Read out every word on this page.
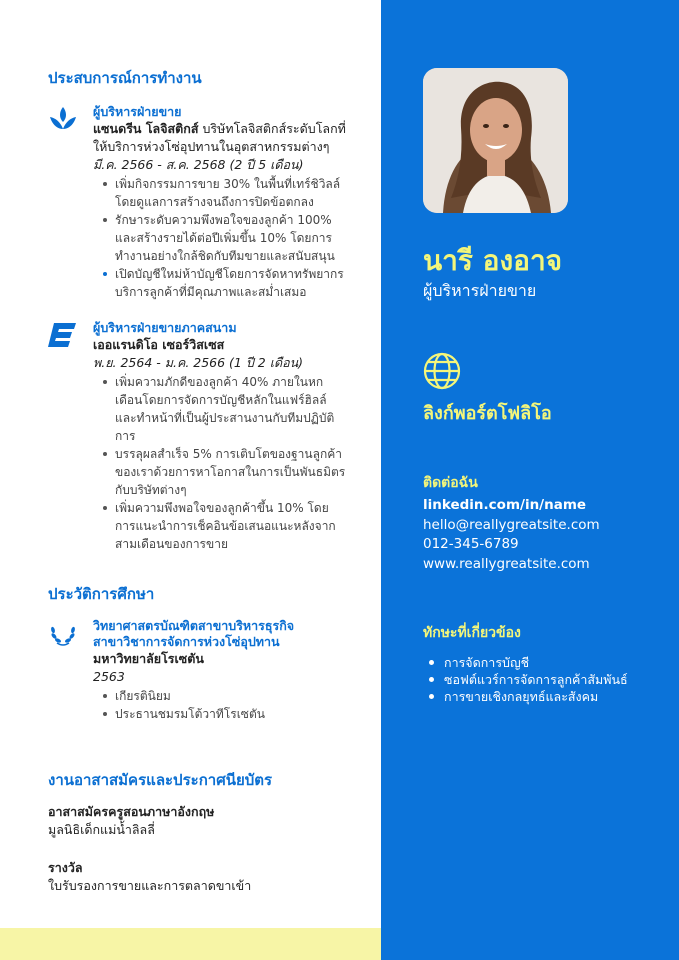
ประสบการณ์การทำงาน
ผู้บริหารฝ่ายขาย
แซนดรีน โลจิสติกส์ บริษัทโลจิสติกส์ระดับโลกที่ให้บริการห่วงโซ่อุปทานในอุตสาหกรรมต่างๆ
มี.ค. 2566 - ส.ค. 2568 (2 ปี 5 เดือน)
เพิ่มกิจกรรมการขาย 30% ในพื้นที่เทร์ชิวิลล์ โดยดูแลการสร้างจนถึงการปิดข้อตกลง
รักษาระดับความพึงพอใจของลูกค้า 100% และสร้างรายได้ต่อปีเพิ่มขึ้น 10% โดยการทำงานอย่างใกล้ชิดกับทีมขายและสนับสนุน
เปิดบัญชีใหม่ห้าบัญชีโดยการจัดหาทรัพยากรบริการลูกค้าที่มีคุณภาพและสม่ำเสมอ
ผู้บริหารฝ่ายขายภาคสนาม
เออแรนดิโอ เซอร์วิสเซส
พ.ย. 2564 - ม.ค. 2566 (1 ปี 2 เดือน)
เพิ่มความภักดีของลูกค้า 40% ภายในหกเดือนโดยการจัดการบัญชีหลักในแฟร์ฮิลล์ และทำหน้าที่เป็นผู้ประสานงานกับทีมปฏิบัติการ
บรรลุผลสำเร็จ 5% การเติบโตของฐานลูกค้าของเราด้วยการหาโอกาสในการเป็นพันธมิตรกับบริษัทต่างๆ
เพิ่มความพึงพอใจของลูกค้าขึ้น 10% โดยการแนะนำการเช็คอินข้อเสนอแนะหลังจากสามเดือนของการขาย
ประวัติการศึกษา
วิทยาศาสตรบัณฑิตสาขาบริหารธุรกิจ
สาขาวิชาการจัดการห่วงโซ่อุปทาน
มหาวิทยาลัยโรเซตัน
2563
เกียรตินิยม
ประธานชมรมโต้วาทีโรเซตัน
งานอาสาสมัครและประกาศนียบัตร
อาสาสมัครครูสอนภาษาอังกฤษ
มูลนิธิเด็กแม่น้ำลิลลี่
รางวัล
ใบรับรองการขายและการตลาดขาเข้า
นารี องอาจ
ผู้บริหารฝ่ายขาย
ลิงก์พอร์ตโฟลิโอ
ติดต่อฉัน
linkedin.com/in/name
hello@reallygreatsite.com
012-345-6789
www.reallygreatsite.com
ทักษะที่เกี่ยวข้อง
การจัดการบัญชี
ซอฟต์แวร์การจัดการลูกค้าสัมพันธ์
การขายเชิงกลยุทธ์และสังคม
